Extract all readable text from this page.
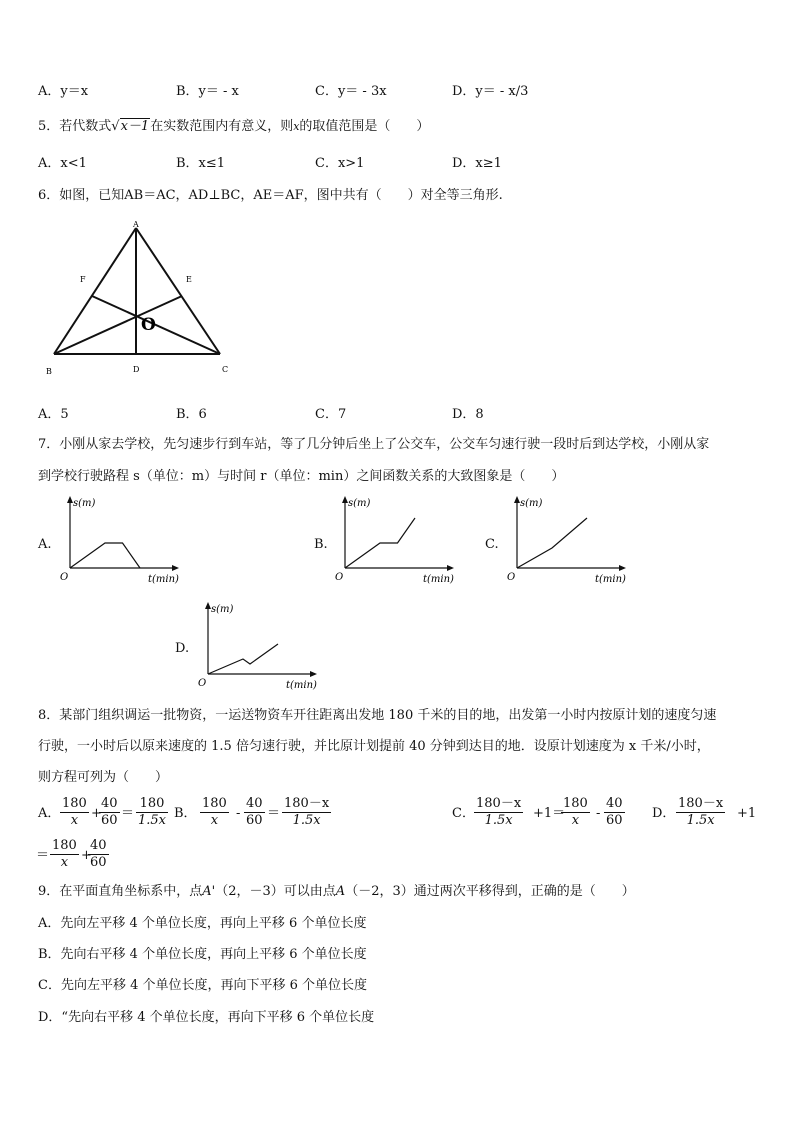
A．y＝x	B．y＝ - x	C．y＝ - 3x	D．y＝ - x/3
5．若代数式√x－1在实数范围内有意义，则x的取值范围是（　　）
A．x<1	B．x≤1	C．x>1	D．x≥1
6．如图，已知AB＝AC，AD⊥BC，AE＝AF，图中共有（　　）对全等三角形.
A
F	E
O
B	D	C
A．5	B．6	C．7	D．8
7．小刚从家去学校，先匀速步行到车站，等了几分钟后坐上了公交车，公交车匀速行驶一段时后到达学校，小刚从家
到学校行驶路程 s（单位：m）与时间 r（单位：min）之间函数关系的大致图象是（　　）
A.	B.	C.
D.
s(m)
t(min)
O
s(m)
t(min)
O
s(m)
t(min)
O
s(m)
t(min)
O
8．某部门组织调运一批物资，一运送物资车开往距离出发地 180 千米的目的地，出发第一小时内按原计划的速度匀速
行驶，一小时后以原来速度的 1.5 倍匀速行驶，并比原计划提前 40 分钟到达目的地．设原计划速度为 x 千米/小时，
则方程可列为（　　）
A． $\frac{180}{x}$ +
$\frac{40}{60} = \frac{180}{1.5x}$ B． $\frac{180}{x} - \frac{40}{60} = \frac{180-x}{1.5x}$	C． $\frac{180-x}{1.5x} +1=$
$\frac{180}{x} - \frac{40}{60}$ D． $\frac{180-x}{1.5x} +1$
＝ $\frac{180}{x}$ +
$\frac{40}{60}$
9．在平面直角坐标系中，点A'（2，－3）可以由点A（－2，3）通过两次平移得到，正确的是（　　）
A．先向左平移 4 个单位长度，再向上平移 6 个单位长度
B．先向右平移 4 个单位长度，再向上平移 6 个单位长度
C．先向左平移 4 个单位长度，再向下平移 6 个单位长度
D．“先向右平移 4 个单位长度，再向下平移 6 个单位长度
